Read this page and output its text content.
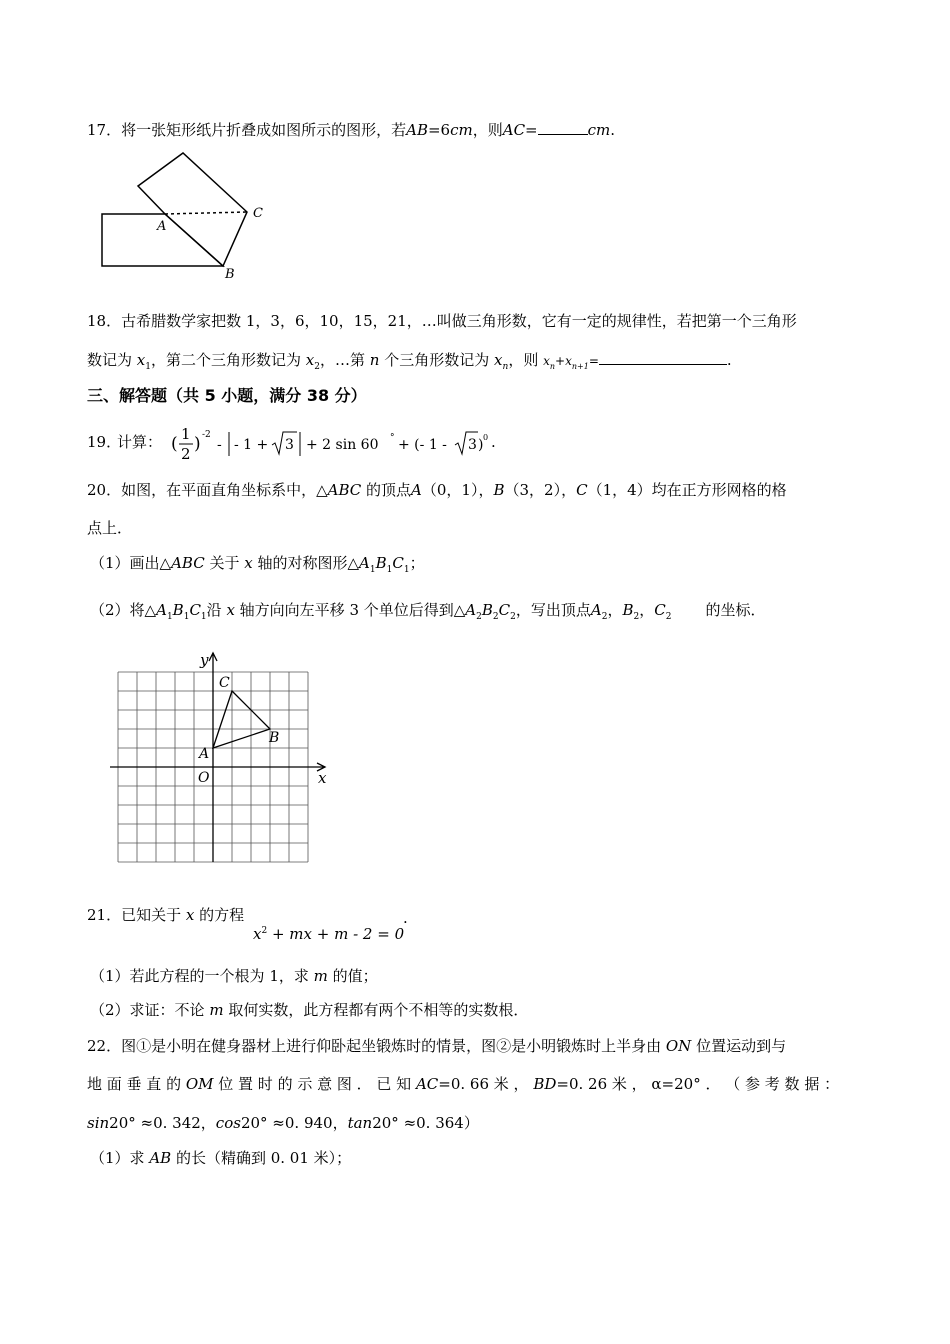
17．将一张矩形纸片折叠成如图所示的图形，若AB=6cm，则AC=	cm.
A
B
C
18．古希腊数学家把数 1，3，6，10，15，21，…叫做三角形数，它有一定的规律性，若把第一个三角形
数记为 $x_1$，第二个三角形数记为 $x_2$，…第 n 个三角形数记为 $x_n$，则 $x_n+x_{n+1}=$	.
三、解答题（共 5 小题，满分 38 分）
19．
计算： ( 1
2 ) -2
- - 1 + 3 + 2 sin 60 ° + (- 1 - 3 ) 0 .
20．如图，在平面直角坐标系中，△ABC 的顶点A（0，1），B（3，2），C（1，4）均在正方形网格的格
点上．
（1）画出△ABC 关于 x 轴的对称图形$\triangle A_1B_1C_1$；
（2）将$\triangle A_1B_1C_1$沿 x 轴方向向左平移 3 个单位后得到$\triangle A_2B_2C_2$，写出顶点$A_2$，$B_2$，$C_2$ 的坐标．
y
x
O
A
B
C
21．已知关于 x 的方程
$x^2$ + mx + m - 2 = 0
.
（1）若此方程的一个根为 1，求 m 的值；
（2）求证：不论 m 取何实数，此方程都有两个不相等的实数根．
22．图①是小明在健身器材上进行仰卧起坐锻炼时的情景，图②是小明锻炼时上半身由 ON 位置运动到与
地 面 垂 直 的 OM 位 置 时 的 示 意 图 ． 已 知 AC=0. 66 米 ， BD=0. 26 米 ， α=20° ． （ 参 考 数 据 ：
sin20° ≈0. 342，cos20° ≈0. 940，tan20° ≈0. 364）
（1）求 AB 的长（精确到 0. 01 米）；
